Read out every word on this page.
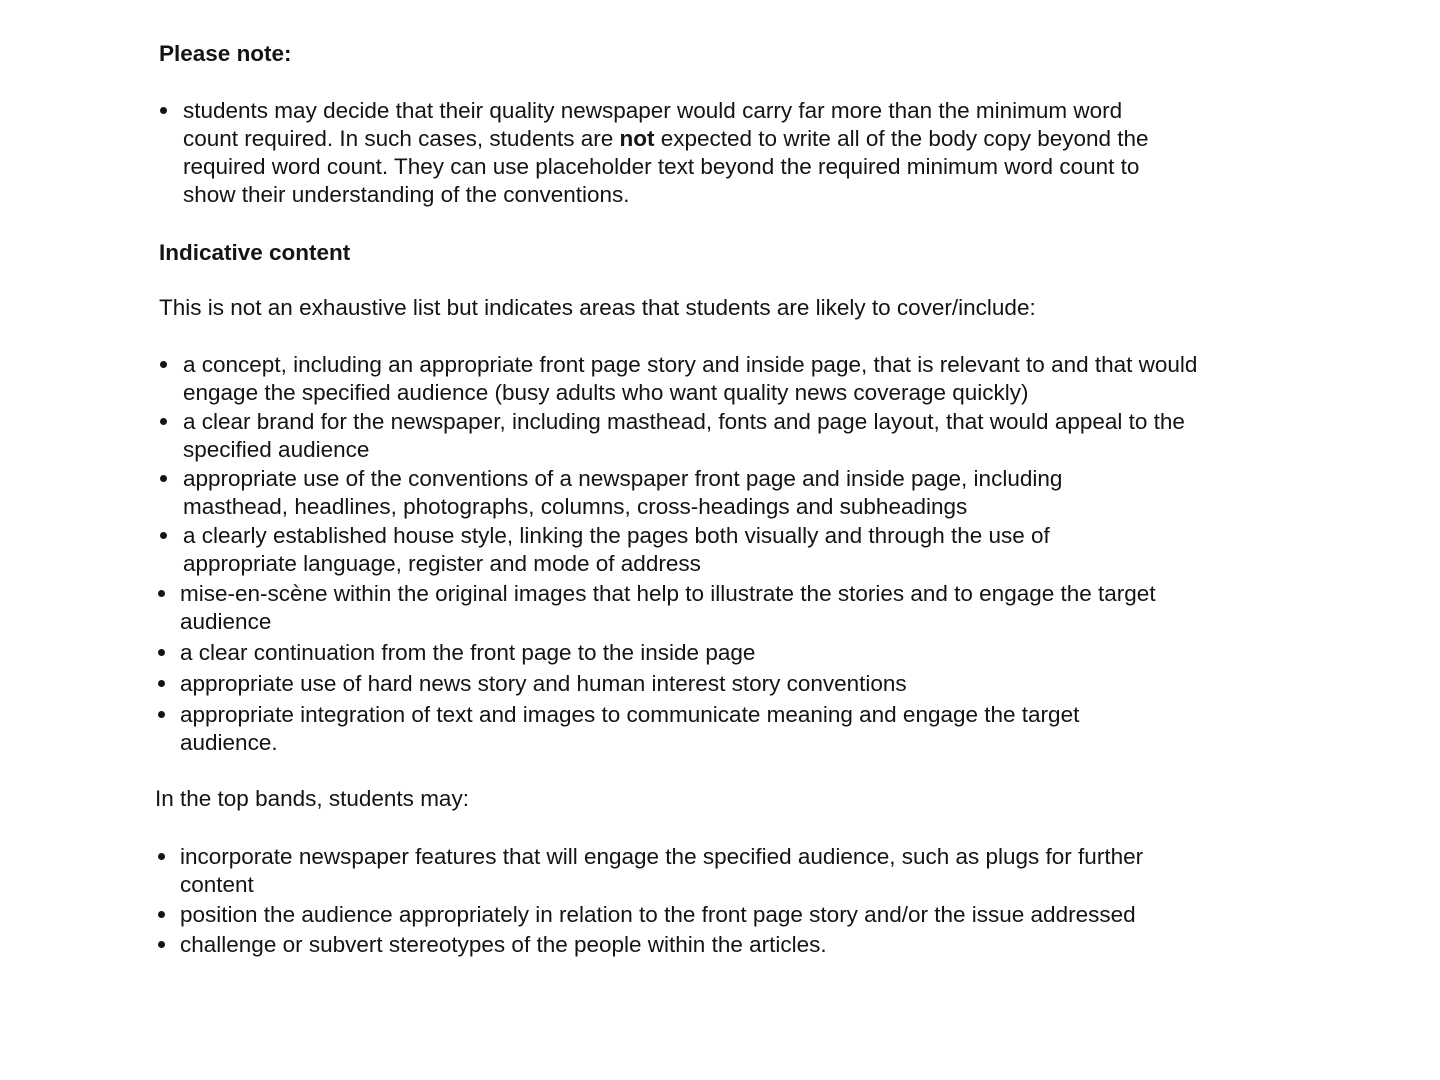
Please note:
students may decide that their quality newspaper would carry far more than the minimum word count required. In such cases, students are not expected to write all of the body copy beyond the required word count. They can use placeholder text beyond the required minimum word count to show their understanding of the conventions.
Indicative content

This is not an exhaustive list but indicates areas that students are likely to cover/include:

a concept, including an appropriate front page story and inside page, that is relevant to and that would engage the specified audience (busy adults who want quality news coverage quickly)
a clear brand for the newspaper, including masthead, fonts and page layout, that would appeal to the specified audience
appropriate use of the conventions of a newspaper front page and inside page, including masthead, headlines, photographs, columns, cross-headings and subheadings
a clearly established house style, linking the pages both visually and through the use of appropriate language, register and mode of address
mise-en-scène within the original images that help to illustrate the stories and to engage the target audience
a clear continuation from the front page to the inside page
appropriate use of hard news story and human interest story conventions
appropriate integration of text and images to communicate meaning and engage the target audience.

In the top bands, students may:

incorporate newspaper features that will engage the specified audience, such as plugs for further content
position the audience appropriately in relation to the front page story and/or the issue addressed
challenge or subvert stereotypes of the people within the articles.
